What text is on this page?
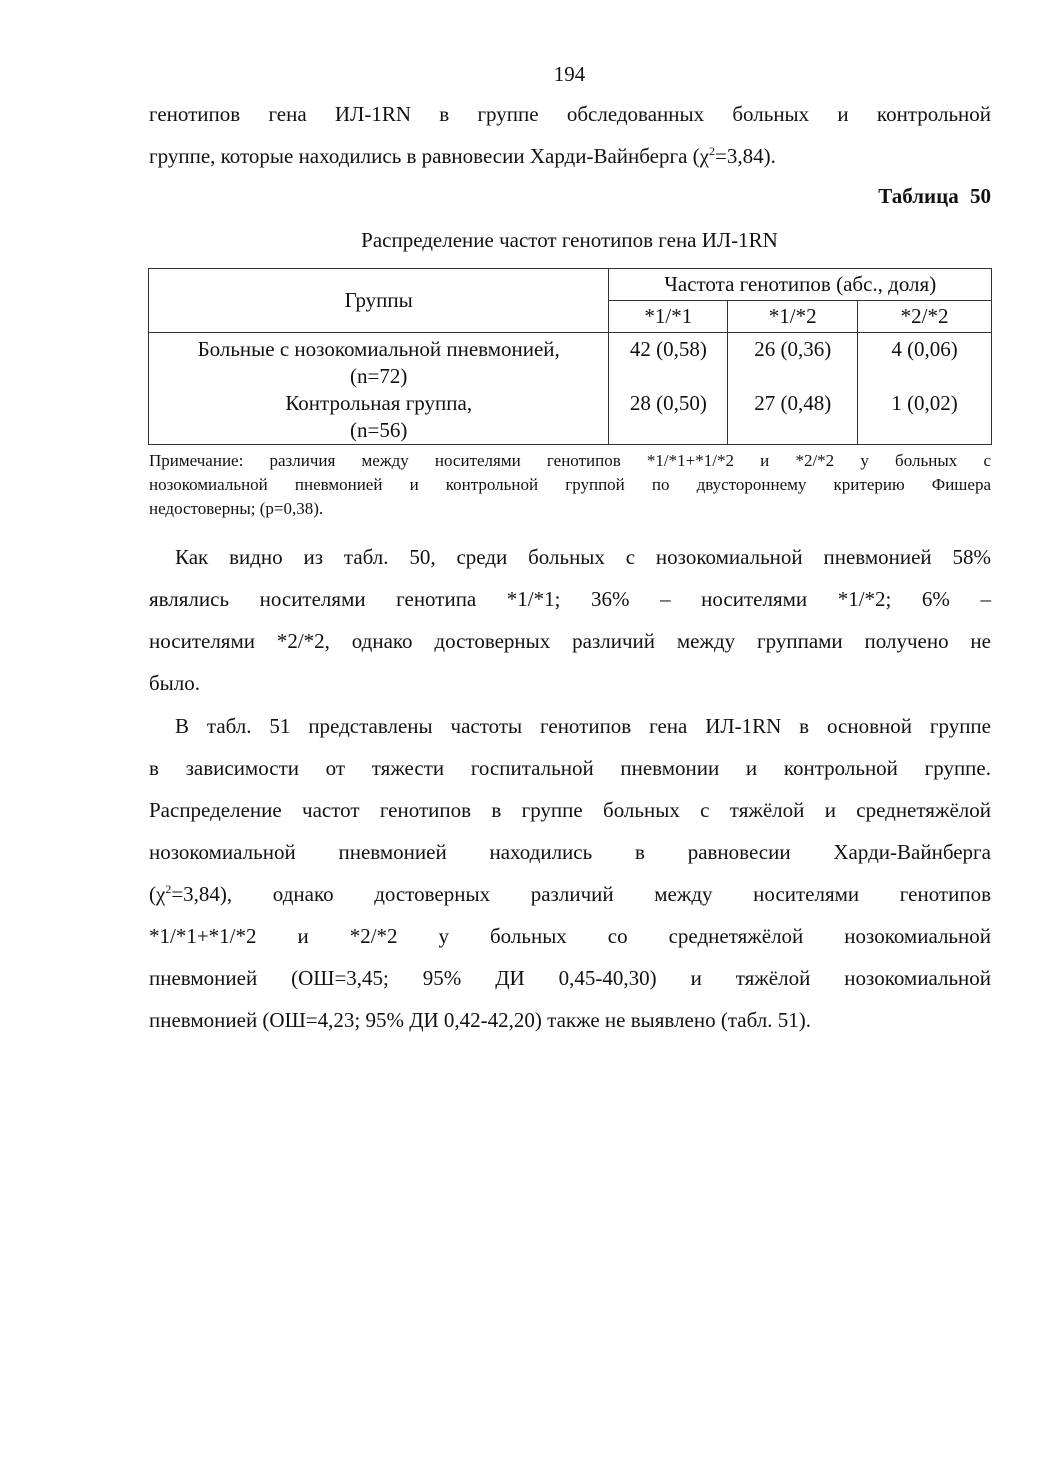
194

генотипов гена ИЛ-1RN в группе обследованных больных и контрольной

группе, которые находились в равновесии Харди-Вайнберга $(\chi^2=3,84)$.

Таблица 50
Распределение частот генотипов гена ИЛ-1RN
Группы	Частота генотипов (абс., доля)		
	*1/*1	*1/*2	*2/*2

Больные с нозокомиальной пневмонией,
(n=72)	42 (0,58)	26 (0,36)	4 (0,06)

Контрольная группа,
(n=56)	28 (0,50)	27 (0,48)	1 (0,02)
Примечание: различия между носителями генотипов *1/*1+*1/*2 и *2/*2 у больных с
нозокомиальной пневмонией и контрольной группой по двустороннему критерию Фишера
недостоверны; (p=0,38).

Как видно из табл. 50, среди больных с нозокомиальной пневмонией 58%

являлись носителями генотипа *1/*1; 36% – носителями *1/*2; 6% –

носителями *2/*2, однако достоверных различий между группами получено не

было.

В табл. 51 представлены частоты генотипов гена ИЛ-1RN в основной группе

в зависимости от тяжести госпитальной пневмонии и контрольной группе.

Распределение частот генотипов в группе больных с тяжёлой и среднетяжёлой

нозокомиальной пневмонией находились в равновесии Харди-Вайнберга

$(\chi^2=3,84)$, однако достоверных различий между носителями генотипов

*1/*1+*1/*2 и *2/*2 у больных со среднетяжёлой нозокомиальной

пневмонией (ОШ=3,45; 95% ДИ 0,45-40,30) и тяжёлой нозокомиальной

пневмонией (ОШ=4,23; 95% ДИ 0,42-42,20) также не выявлено (табл. 51).
